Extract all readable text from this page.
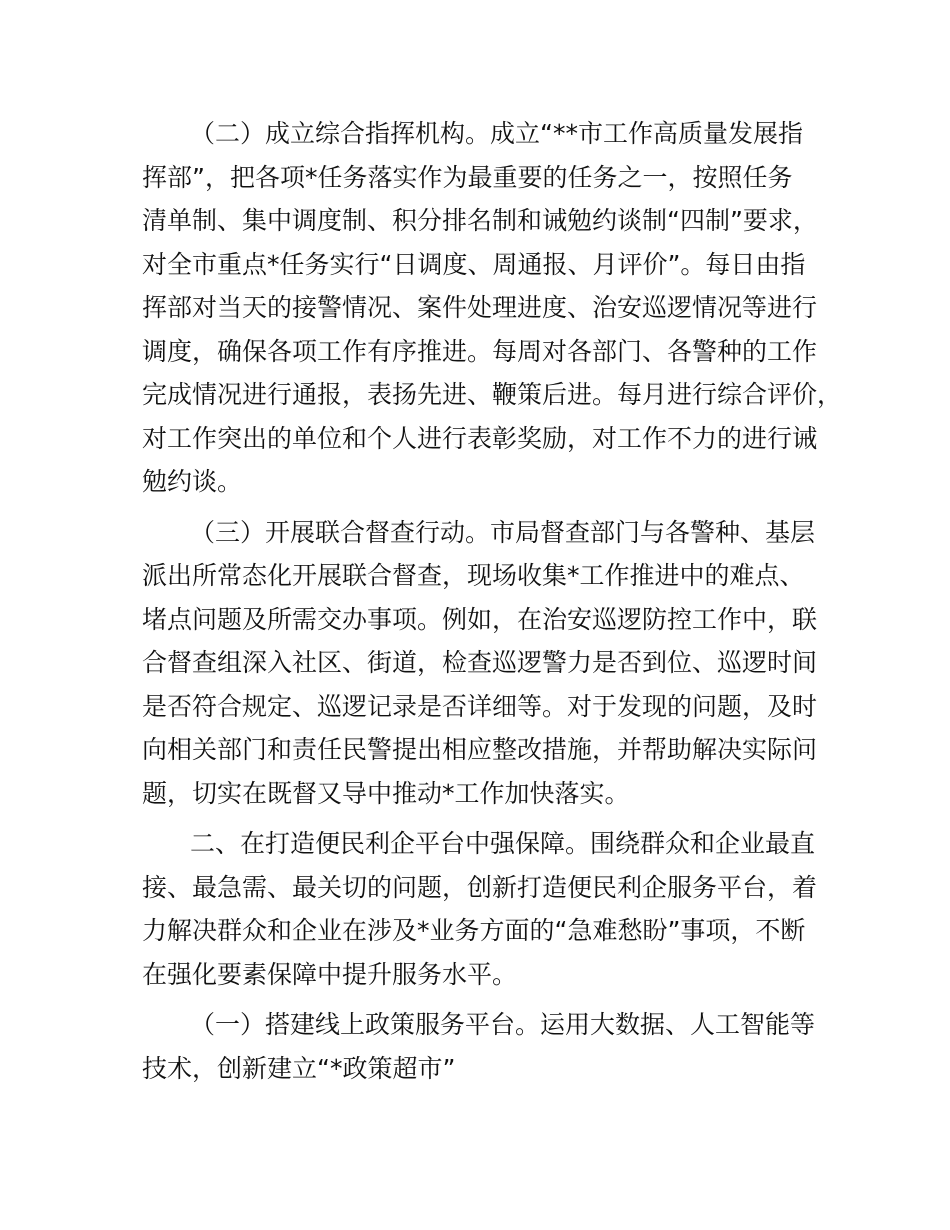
（二）成立综合指挥机构。成立“**市工作高质量发展指
挥部”，把各项*任务落实作为最重要的任务之一，按照任务
清单制、集中调度制、积分排名制和诫勉约谈制“四制”要求，
对全市重点*任务实行“日调度、周通报、月评价”。每日由指
挥部对当天的接警情况、案件处理进度、治安巡逻情况等进行
调度，确保各项工作有序推进。每周对各部门、各警种的工作
完成情况进行通报，表扬先进、鞭策后进。每月进行综合评价，
对工作突出的单位和个人进行表彰奖励，对工作不力的进行诫
勉约谈。
（三）开展联合督查行动。市局督查部门与各警种、基层
派出所常态化开展联合督查，现场收集*工作推进中的难点、
堵点问题及所需交办事项。例如，在治安巡逻防控工作中，联
合督查组深入社区、街道，检查巡逻警力是否到位、巡逻时间
是否符合规定、巡逻记录是否详细等。对于发现的问题，及时
向相关部门和责任民警提出相应整改措施，并帮助解决实际问
题，切实在既督又导中推动*工作加快落实。
二、在打造便民利企平台中强保障。围绕群众和企业最直
接、最急需、最关切的问题，创新打造便民利企服务平台，着
力解决群众和企业在涉及*业务方面的“急难愁盼”事项，不断
在强化要素保障中提升服务水平。
（一）搭建线上政策服务平台。运用大数据、人工智能等
技术，创新建立“*政策超市”
